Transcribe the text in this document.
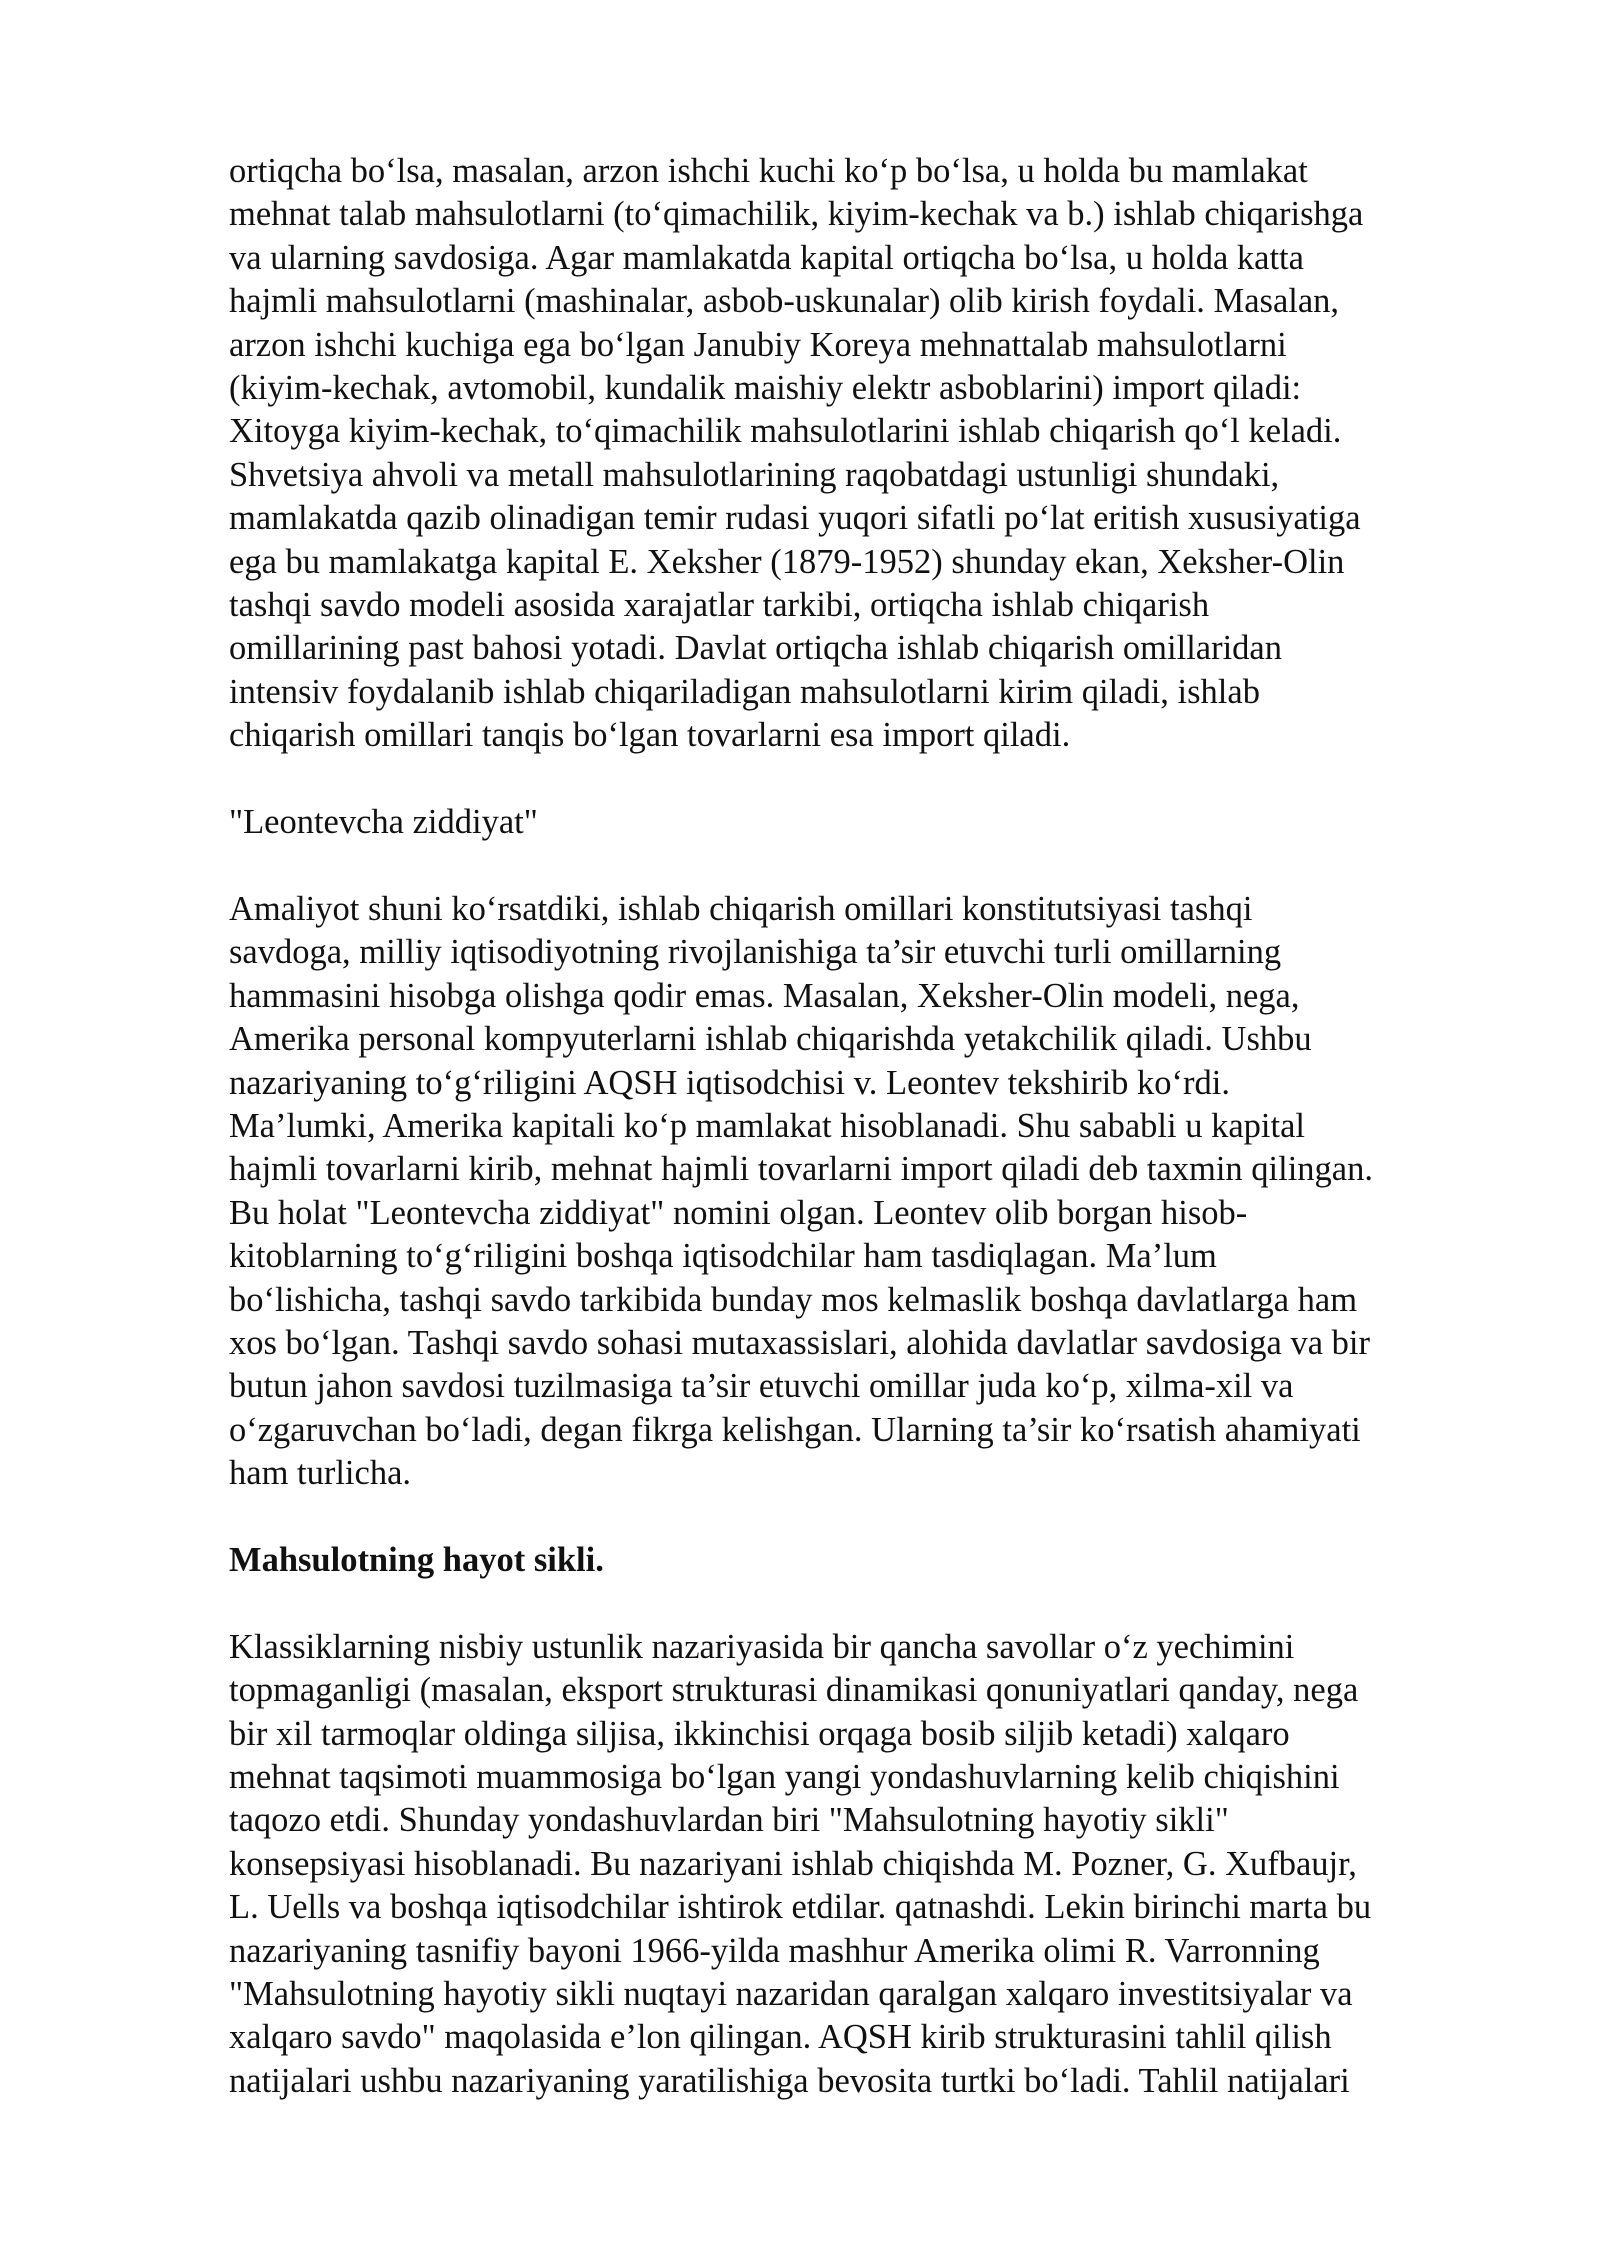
ortiqcha bo‘lsa, masalan, arzon ishchi kuchi ko‘p bo‘lsa, u holda bu mamlakat
mehnat talab mahsulotlarni (to‘qimachilik, kiyim-kechak va b.) ishlab chiqarishga
va ularning savdosiga. Agar mamlakatda kapital ortiqcha bo‘lsa, u holda katta
hajmli mahsulotlarni (mashinalar, asbob-uskunalar) olib kirish foydali. Masalan,
arzon ishchi kuchiga ega bo‘lgan Janubiy Koreya mehnattalab mahsulotlarni
(kiyim-kechak, avtomobil, kundalik maishiy elektr asboblarini) import qiladi:
Xitoyga kiyim-kechak, to‘qimachilik mahsulotlarini ishlab chiqarish qo‘l keladi.
Shvetsiya ahvoli va metall mahsulotlarining raqobatdagi ustunligi shundaki,
mamlakatda qazib olinadigan temir rudasi yuqori sifatli po‘lat eritish xususiyatiga
ega bu mamlakatga kapital E. Xeksher (1879-1952) shunday ekan, Xeksher-Olin
tashqi savdo modeli asosida xarajatlar tarkibi, ortiqcha ishlab chiqarish
omillarining past bahosi yotadi. Davlat ortiqcha ishlab chiqarish omillaridan
intensiv foydalanib ishlab chiqariladigan mahsulotlarni kirim qiladi, ishlab
chiqarish omillari tanqis bo‘lgan tovarlarni esa import qiladi.

"Leontevcha ziddiyat"

Amaliyot shuni ko‘rsatdiki, ishlab chiqarish omillari konstitutsiyasi tashqi
savdoga, milliy iqtisodiyotning rivojlanishiga ta’sir etuvchi turli omillarning
hammasini hisobga olishga qodir emas. Masalan, Xeksher-Olin modeli, nega,
Amerika personal kompyuterlarni ishlab chiqarishda yetakchilik qiladi. Ushbu
nazariyaning to‘g‘riligini AQSH iqtisodchisi v. Leontev tekshirib ko‘rdi.
Ma’lumki, Amerika kapitali ko‘p mamlakat hisoblanadi. Shu sababli u kapital
hajmli tovarlarni kirib, mehnat hajmli tovarlarni import qiladi deb taxmin qilingan.
Bu holat "Leontevcha ziddiyat" nomini olgan. Leontev olib borgan hisob-
kitoblarning to‘g‘riligini boshqa iqtisodchilar ham tasdiqlagan. Ma’lum
bo‘lishicha, tashqi savdo tarkibida bunday mos kelmaslik boshqa davlatlarga ham
xos bo‘lgan. Tashqi savdo sohasi mutaxassislari, alohida davlatlar savdosiga va bir
butun jahon savdosi tuzilmasiga ta’sir etuvchi omillar juda ko‘p, xilma-xil va
o‘zgaruvchan bo‘ladi, degan fikrga kelishgan. Ularning ta’sir ko‘rsatish ahamiyati
ham turlicha.

Mahsulotning hayot sikli.

Klassiklarning nisbiy ustunlik nazariyasida bir qancha savollar o‘z yechimini
topmaganligi (masalan, eksport strukturasi dinamikasi qonuniyatlari qanday, nega
bir xil tarmoqlar oldinga siljisa, ikkinchisi orqaga bosib siljib ketadi) xalqaro
mehnat taqsimoti muammosiga bo‘lgan yangi yondashuvlarning kelib chiqishini
taqozo etdi. Shunday yondashuvlardan biri "Mahsulotning hayotiy sikli"
konsepsiyasi hisoblanadi. Bu nazariyani ishlab chiqishda M. Pozner, G. Xufbaujr,
L. Uells va boshqa iqtisodchilar ishtirok etdilar. qatnashdi. Lekin birinchi marta bu
nazariyaning tasnifiy bayoni 1966-yilda mashhur Amerika olimi R. Varronning
"Mahsulotning hayotiy sikli nuqtayi nazaridan qaralgan xalqaro investitsiyalar va
xalqaro savdo" maqolasida e’lon qilingan. AQSH kirib strukturasini tahlil qilish
natijalari ushbu nazariyaning yaratilishiga bevosita turtki bo‘ladi. Tahlil natijalari
